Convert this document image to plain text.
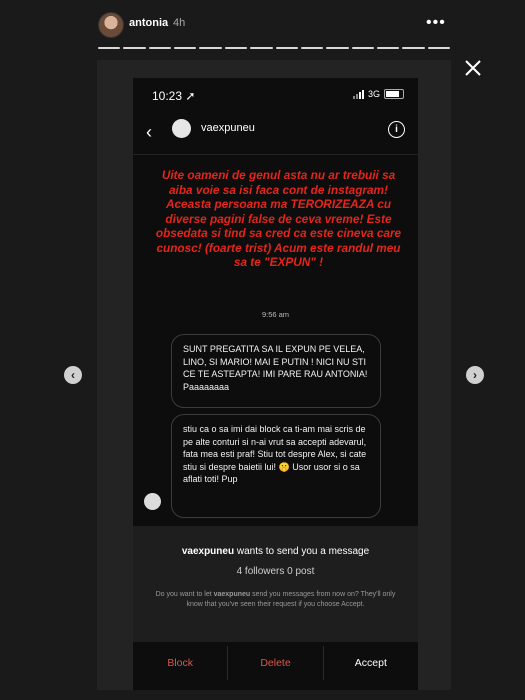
antonia 4h	•••
‹	›
10:23 ➚	3G
‹	vaexpuneu	i
Uite oameni de genul asta nu ar trebuii sa aiba voie sa isi faca cont de instagram! Aceasta persoana ma TERORIZEAZA cu diverse pagini false de ceva vreme! Este obsedata si tind sa cred ca este cineva care cunosc! (foarte trist) Acum este randul meu sa te "EXPUN" !
9:56 am
SUNT PREGATITA SA IL EXPUN PE VELEA, LINO, SI MARIO! MAI E PUTIN ! NICI NU STI CE TE ASTEAPTA! IMI PARE RAU ANTONIA! Paaaaaaaa
stiu ca o sa imi dai block ca ti-am mai scris de pe alte conturi si n-ai vrut sa accepti adevarul, fata mea esti praf! Stiu tot despre Alex, si cate stiu si despre baietii lui! 🤫 Usor usor si o sa aflati toti! Pup
vaexpuneu wants to send you a message
4 followers 0 post
Do you want to let vaexpuneu send you messages from now on? They'll only know that you've seen their request if you choose Accept.
Block	Delete	Accept
